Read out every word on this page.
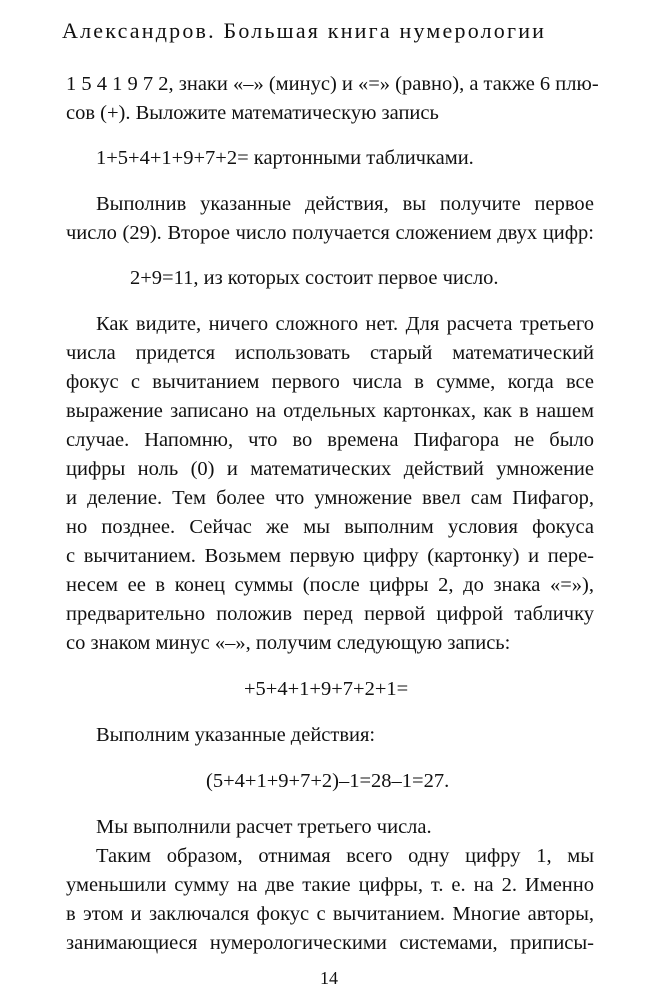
Александров. Большая книга нумерологии
1 5 4 1 9 7 2, знаки «–» (минус) и «=» (равно), а также 6 плю-
сов (+). Выложите математическую запись
1+5+4+1+9+7+2= картонными табличками.
Выполнив указанные действия, вы получите первое
число (29). Второе число получается сложением двух цифр:
2+9=11, из которых состоит первое число.
Как видите, ничего сложного нет. Для расчета третьего
числа придется использовать старый математический
фокус с вычитанием первого числа в сумме, когда все
выражение записано на отдельных картонках, как в нашем
случае. Напомню, что во времена Пифагора не было
цифры ноль (0) и математических действий умножение
и деление. Тем более что умножение ввел сам Пифагор,
но позднее. Сейчас же мы выполним условия фокуса
с вычитанием. Возьмем первую цифру (картонку) и пере-
несем ее в конец суммы (после цифры 2, до знака «=»),
предварительно положив перед первой цифрой табличку
со знаком минус «–», получим следующую запись:
+5+4+1+9+7+2+1=
Выполним указанные действия:
(5+4+1+9+7+2)–1=28–1=27.
Мы выполнили расчет третьего числа.
Таким образом, отнимая всего одну цифру 1, мы
уменьшили сумму на две такие цифры, т. е. на 2. Именно
в этом и заключался фокус с вычитанием. Многие авторы,
занимающиеся нумерологическими системами, приписы-
14
